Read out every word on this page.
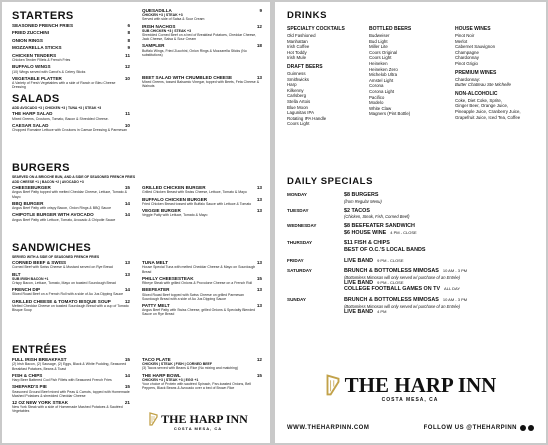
STARTERS
SEASONED FRENCH FRIES	6
FRIED ZUCCHINI	8
ONION RINGS	8
MOZZARELLA STICKS	9
CHICKEN TENDERS	11
Chicken Tender Fillets & French Fries
BUFFALO WINGS	12
(10) Wings served with Carrot's & Celery Sticks
VEGETABLE PLATTER	10
A Variety of Fresh Vegetables with a side of Ranch or Bleu Cheese Dressing
SALADS
ADD AVOCADO +3 | CHICKEN +3 | TUNA +3 | STEAK +3
THE HARP SALAD	11
Mixed Greens, Croutons, Tomato, Bacon & Shredded Cheese.
CAESAR SALAD	10
Chopped Romaine Lettuce with Croutons in Caesar Dressing & Parmesan
QUESADILLA	9
CHICKEN +3 | STEAK +3
Served with side of Salsa & Sour Cream
IRISH NACHOS	12
SUB CHICKEN +3 | STEAK +3
Shredded Corned Beef on a bed of Breakfast Potatoes, Cheddar Cheese, Jack Cheese, Salsa & Sour Cream
SAMPLER	18
Buffalo Wings, Fried Zucchini, Onion Rings & Mozzarella Sticks (No substitutions)
BEET SALAD WITH CRUMBLED CHEESE	13
Mixed Greens, tossed Balsamic Vinegar, topped with Beets, Feta Cheese & Walnuts
BURGERS
SEARVED ON A BRIOCHE BUN, AND A SIDE OF SEASONED FRENCH FRIES
ADD CHEESE +1 | BACON +2 | AVOCADO +3
CHEESEBURGER	15
Angus Beef Patty topped with melted Cheddar Cheese, Lettuce, Tomato & Mayo
BBQ BURGER	14
Angus Beef Patty with crispy Bacon, Onion Rings & BBQ Sauce
CHIPOTLE BURGER WITH AVOCADO	14
Angus Beef Patty with Lettuce, Tomato, Avocado & Chipotle Sauce
GRILLED CHICKEN BURGER	13
Grilled Chicken Breast with Swiss Cheese, Lettuce, Tomato & Mayo
BUFFALO CHICKEN BURGER	13
Fried Chicken Breast tossed with Buffalo Sauce with Lettuce & Tomato
VEGGIE BURGER	13
Veggie Patty with Lettuce, Tomato & Mayo
SANDWICHES
SERVED WITH A SIDE OF SEASONED FRENCH FRIES
CORNED BEEF & SWISS	13
Corned Beef with Swiss Cheese & Mustard served on Rye Bread
BLT	13
SUB IRISH BACON +1
Crispy Bacon, Lettuce, Tomato, Mayo on toasted Sourdough Bread
FRENCH DIP	14
Sliced Roast Beef on a French Roll with a side of Au Jus Dipping Sauce
GRILLED CHEESE & TOMATO BISQUE SOUP	12
Melted Cheddar Cheese on toasted Sourdough Bread with a cup of Tomato Bisque Soup
TUNA MELT	13
House Special Tuna with melted Cheddar Cheese & Mayo on Sourdough Bread
PHILLY CHEESESTEAK	15
Ribeye Steak with grilled Onions & Provolone Cheese on a French Roll
BEEFEATER	13
Sliced Roast Beef topped with Swiss Cheese on grilled Parmesan Sourdough Bread with a side of Au Jus Dipping Sauce
PATTY MELT	13
Angus Beef Patty with Swiss Cheese, grilled Onions & Specialty Blended Sauce on Rye Bread
ENTRÉES
FULL IRISH BREAKFAST	15
(2) Irish Bacon, (2) Sausage, (2) Eggs, Black & White Pudding, Seasoned Breakfast Potatoes, Beans & Toast
FISH & CHIPS	14
Harp Beer Battered Cod Fish Fillets with Seasoned French Fries
SHEPARD'S PIE	15
Seasoned Ground Beef mixed with Peas & Carrots, topped with Homemade Mashed Potatoes & shredded Cheddar Cheese
12 OZ NEW YORK STEAK	21
New York Steak with a side of Homemade Mashed Potatoes & Sautéed Vegetables
TACO PLATE	12
CHICKEN | STEAK | FISH | CORNED BEEF
(3) Tacos served with Beans & Rice (No mixing and matching)
THE HARP BOWL	15
CHICKEN +3 | STEAK +3 | EGG +1
Your choice of Protein with sautéed Spinach, Pan-toasted Onions, Bell Peppers, Black Beans & Avocado over a bed of Brown Rice
THE HARP INN
COSTA MESA, CA
DRINKS
SPECIALTY COCKTAILS
Old Fashioned
Manhattan
Irish Coffee
Hot Toddy
Irish Mule
DRAFT BEERS
Guinness
Smithwicks
Harp
Kilkenny
Carlsberg
Stella Artois
Blue Moon
Lagunitas IPA
Rotating IPA Handle
Coors Light
BOTTLED BEERS
Budweiser
Bud Light
Miller Lite
Coors Original
Coors Light
Heineken
Heineken Zero
Michelob Ultra
Amstel Light
Corona
Corona Light
Pacifico
Modelo
White Claw
Magners (Pint Bottle)
HOUSE WINES
Pinot Noir
Merlot
Cabernet Sauvignon
Champagne
Chardonnay
Pinot Grigio
PREMIUM WINES
Chardonnay:
Butter Chatteau Ste Michelle
NON-ALCOHOLIC
Coke, Diet Coke, Sprite,
Ginger Beer, Orange Juice,
Pineapple Juice, Cranberry Juice,
Grapefruit Juice, Iced Tea, Coffee
DAILY SPECIALS
MONDAY	$8 BURGERS
(from Regular Menu)
TUESDAY	$2 TACOS
(Chicken, Steak, Fish, Corned Beef)
WEDNESDAY	$8 BEEFEATER SANDWICH
$6 HOUSE WINE 4 PM - CLOSE
THURSDAY	$11 FISH & CHIPS
BEST OF O.C.'S LOCAL BANDS
FRIDAY	LIVE BAND 9 PM - CLOSE
SATURDAY	BRUNCH & BOTTOMLESS MIMOSAS 10 AM - 3 PM
(Bottomless Mimosas will only served w/ purchase of an Entrée)
LIVE BAND 9 PM - CLOSE
COLLEGE FOOTBALL GAMES ON TV ALL DAY
SUNDAY	BRUNCH & BOTTOMLESS MIMOSAS 10 AM - 3 PM
(Bottomless Mimosas will only served w/ purchase of an Entrée)
LIVE BAND 4 PM
THE HARP INN
COSTA MESA, CA
WWW.THEHARPINN.COM	FOLLOW US @THEHARPINN
